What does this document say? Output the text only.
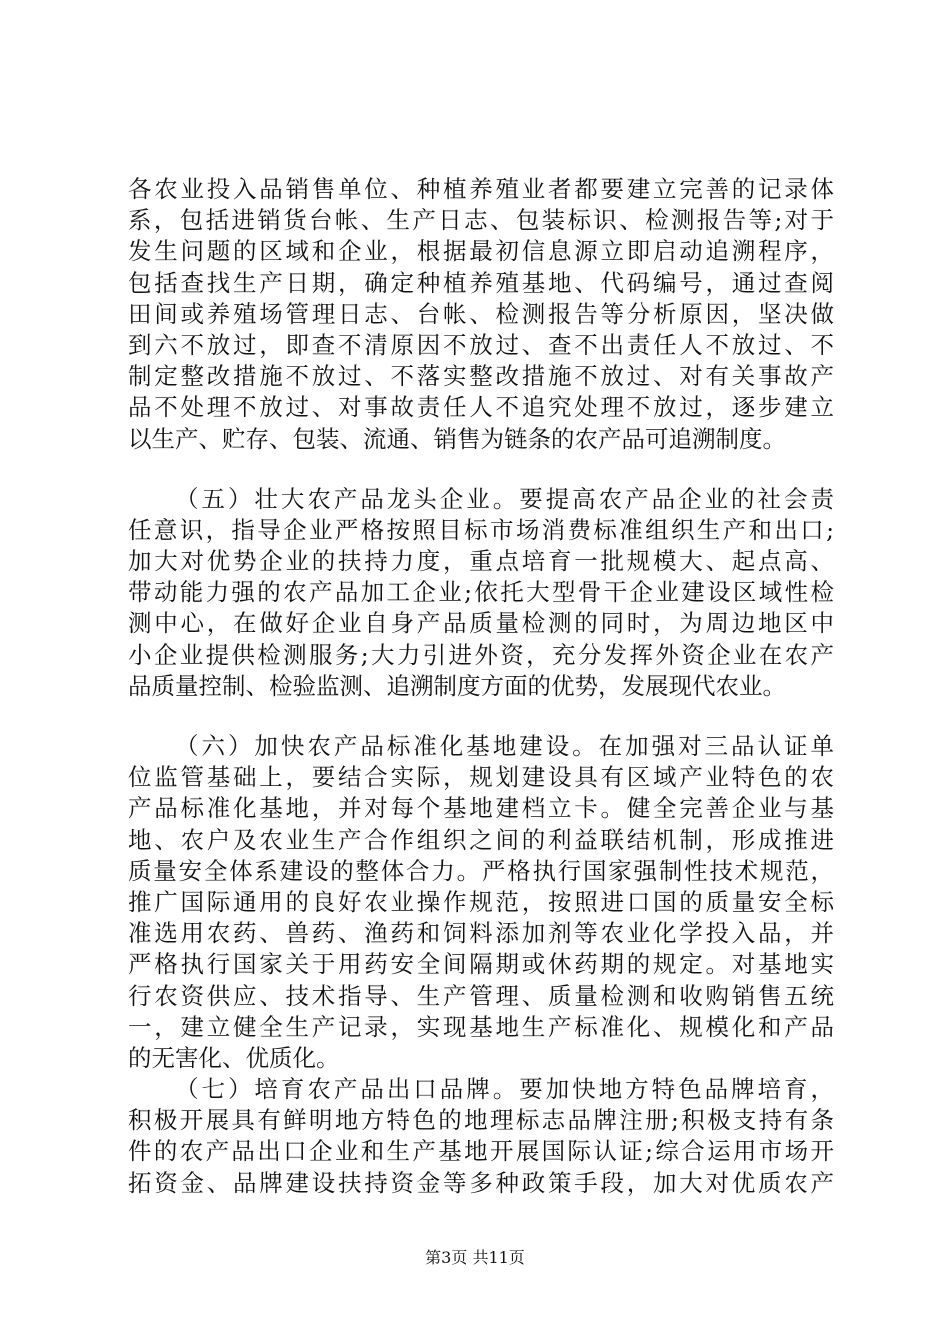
各农业投入品销售单位、种植养殖业者都要建立完善的记录体
系，包括进销货台帐、生产日志、包装标识、检测报告等;对于
发生问题的区域和企业，根据最初信息源立即启动追溯程序，
包括查找生产日期，确定种植养殖基地、代码编号，通过查阅
田间或养殖场管理日志、台帐、检测报告等分析原因，坚决做
到六不放过，即查不清原因不放过、查不出责任人不放过、不
制定整改措施不放过、不落实整改措施不放过、对有关事故产
品不处理不放过、对事故责任人不追究处理不放过，逐步建立
以生产、贮存、包装、流通、销售为链条的农产品可追溯制度。
（五）壮大农产品龙头企业。要提高农产品企业的社会责
任意识，指导企业严格按照目标市场消费标准组织生产和出口;
加大对优势企业的扶持力度，重点培育一批规模大、起点高、
带动能力强的农产品加工企业;依托大型骨干企业建设区域性检
测中心，在做好企业自身产品质量检测的同时，为周边地区中
小企业提供检测服务;大力引进外资，充分发挥外资企业在农产
品质量控制、检验监测、追溯制度方面的优势，发展现代农业。
（六）加快农产品标准化基地建设。在加强对三品认证单
位监管基础上，要结合实际，规划建设具有区域产业特色的农
产品标准化基地，并对每个基地建档立卡。健全完善企业与基
地、农户及农业生产合作组织之间的利益联结机制，形成推进
质量安全体系建设的整体合力。严格执行国家强制性技术规范，
推广国际通用的良好农业操作规范，按照进口国的质量安全标
准选用农药、兽药、渔药和饲料添加剂等农业化学投入品，并
严格执行国家关于用药安全间隔期或休药期的规定。对基地实
行农资供应、技术指导、生产管理、质量检测和收购销售五统
一，建立健全生产记录，实现基地生产标准化、规模化和产品
的无害化、优质化。
（七）培育农产品出口品牌。要加快地方特色品牌培育，
积极开展具有鲜明地方特色的地理标志品牌注册;积极支持有条
件的农产品出口企业和生产基地开展国际认证;综合运用市场开
拓资金、品牌建设扶持资金等多种政策手段，加大对优质农产
第3页 共11页
